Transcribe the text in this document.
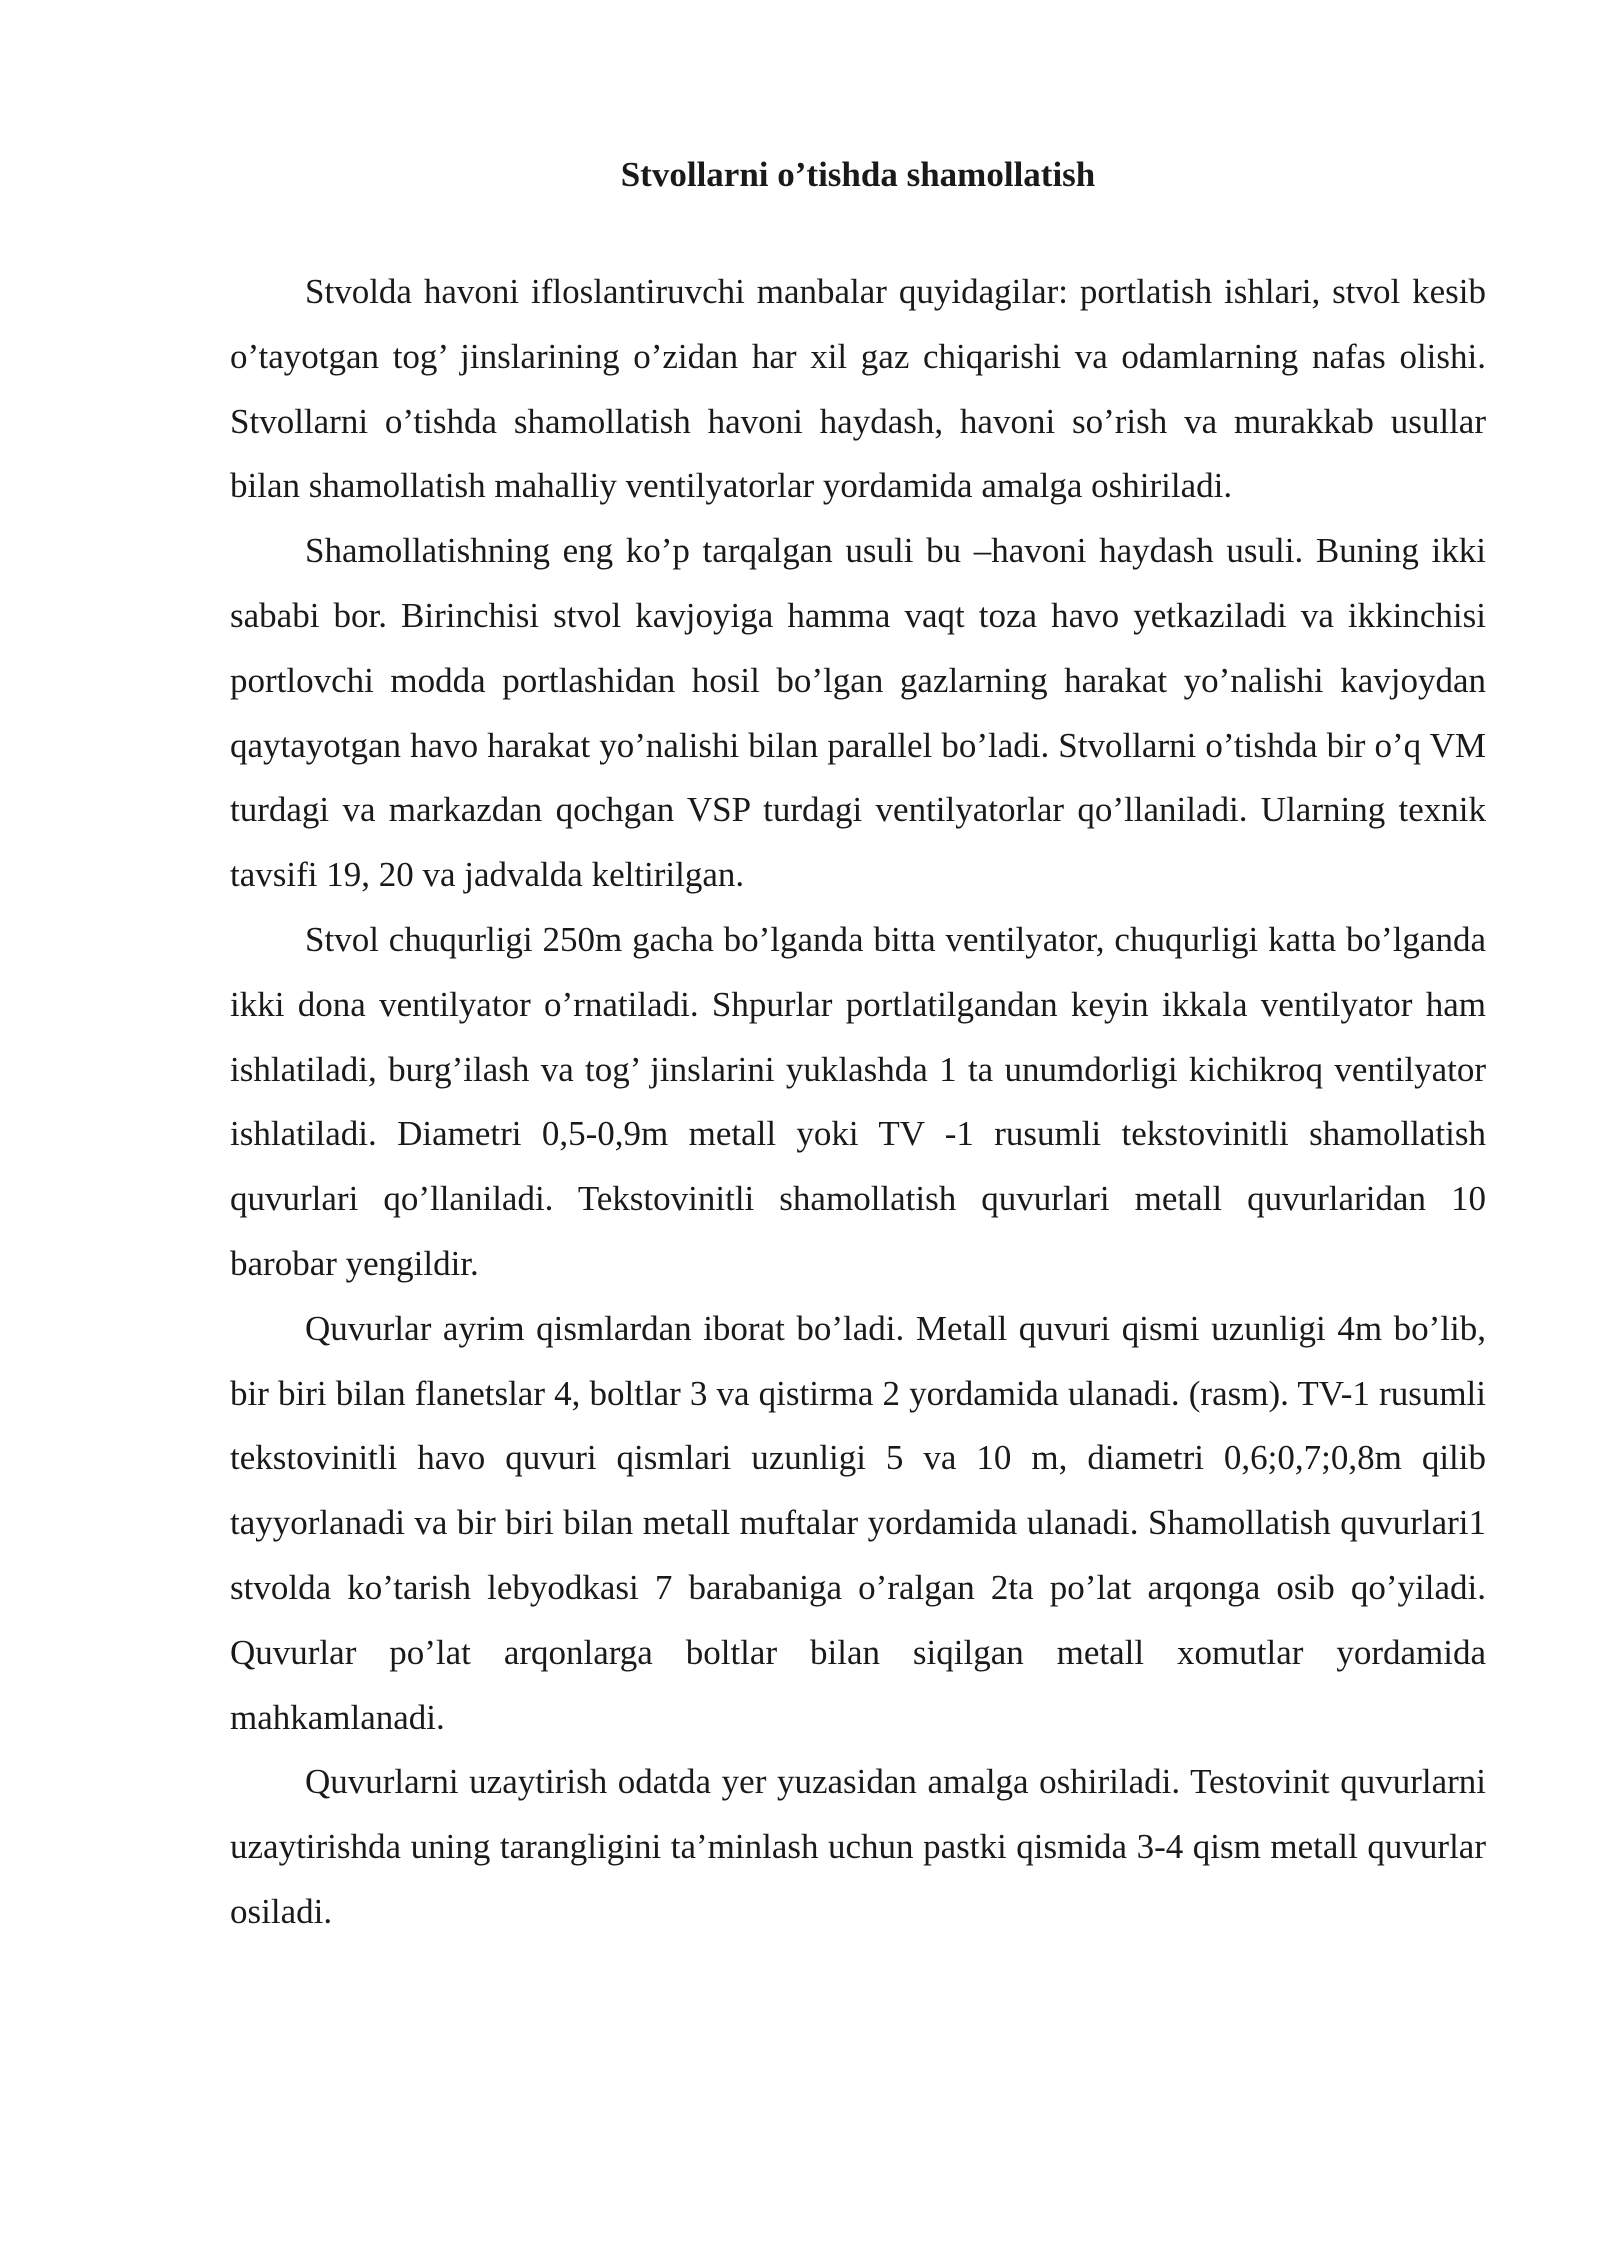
Stvollarni o’tishda shamollatish

Stvolda havoni ifloslantiruvchi manbalar quyidagilar: portlatish ishlari, stvol kesib o’tayotgan tog’ jinslarining o’zidan har xil gaz chiqarishi va odamlarning nafas olishi. Stvollarni o’tishda shamollatish havoni haydash, havoni so’rish va murakkab usullar bilan shamollatish mahalliy ventilyatorlar yordamida amalga oshiriladi.

Shamollatishning eng ko’p tarqalgan usuli bu –havoni haydash usuli. Buning ikki sababi bor. Birinchisi stvol kavjoyiga hamma vaqt toza havo yetkaziladi va ikkinchisi portlovchi modda portlashidan hosil bo’lgan gazlarning harakat yo’nalishi kavjoydan qaytayotgan havo harakat yo’nalishi bilan parallel bo’ladi. Stvollarni o’tishda bir o’q VM turdagi va markazdan qochgan VSP turdagi ventilyatorlar qo’llaniladi. Ularning texnik tavsifi 19, 20 va jadvalda keltirilgan.

Stvol chuqurligi 250m gacha bo’lganda bitta ventilyator, chuqurligi katta bo’lganda ikki dona ventilyator o’rnatiladi. Shpurlar portlatilgandan keyin ikkala ventilyator ham ishlatiladi, burg’ilash va tog’ jinslarini yuklashda 1 ta unumdorligi kichikroq ventilyator ishlatiladi. Diametri 0,5-0,9m metall yoki TV -1 rusumli tekstovinitli shamollatish quvurlari qo’llaniladi. Tekstovinitli shamollatish quvurlari metall quvurlaridan 10 barobar yengildir.

Quvurlar ayrim qismlardan iborat bo’ladi. Metall quvuri qismi uzunligi 4m bo’lib, bir biri bilan flanetslar 4, boltlar 3 va qistirma 2 yordamida ulanadi. (rasm). TV-1 rusumli tekstovinitli havo quvuri qismlari uzunligi 5 va 10 m, diametri 0,6;0,7;0,8m qilib tayyorlanadi va bir biri bilan metall muftalar yordamida ulanadi. Shamollatish quvurlari1 stvolda ko’tarish lebyodkasi 7 barabaniga o’ralgan 2ta po’lat arqonga osib qo’yiladi. Quvurlar po’lat arqonlarga boltlar bilan siqilgan metall xomutlar yordamida mahkamlanadi.

Quvurlarni uzaytirish odatda yer yuzasidan amalga oshiriladi. Testovinit quvurlarni uzaytirishda uning tarangligini ta’minlash uchun pastki qismida 3-4 qism metall quvurlar osiladi.
